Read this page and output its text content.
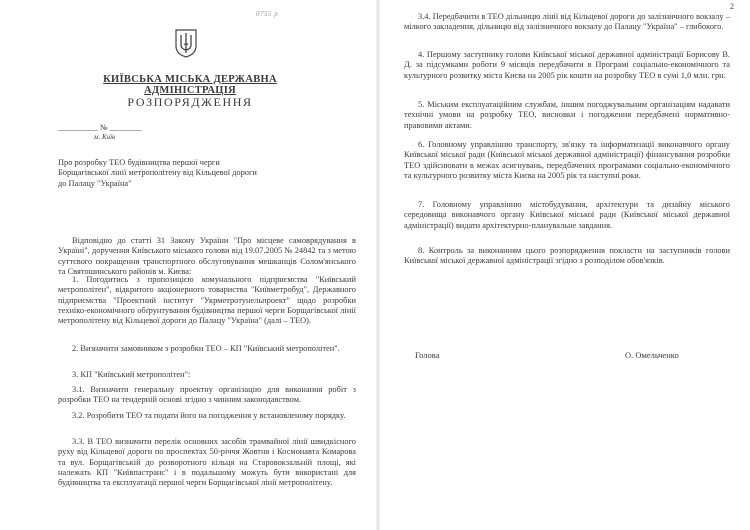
0755 р
КИЇВСЬКА МІСЬКА ДЕРЖАВНА АДМІНІСТРАЦІЯ
РОЗПОРЯДЖЕННЯ
__________ № ________
м. Київ

Про розробку ТЕО будівництва першої черги Борщагівської лінії метрополітену від Кільцевої дороги до Палацу "Україна"

Відповідно до статті 31 Закону України "Про місцеве самоврядування в Україні", доручення Київського міського голови від 19.07.2005 № 24842 та з метою суттєвого покращення транспортного обслуговування мешканців Солом'янського та Святошинського районів м. Києва:

1. Погодитись з пропозицією комунального підприємства "Київський метрополітен", відкритого акціонерного товариства "Київметробуд", Державного підприємства "Проектний інститут "Укрметротунельпроект" щодо розробки техніко-економічного обґрунтування будівництва першої черги Борщагівської лінії метрополітену від Кільцевої дороги до Палацу "Україна" (далі – ТЕО).

2. Визначити замовником з розробки ТЕО – КП "Київський метрополітен".

3. КП "Київський метрополітен":

3.1. Визначити генеральну проектну організацію для виконання робіт з розробки ТЕО на тендерній основі згідно з чинним законодавством.

3.2. Розробити ТЕО та подати його на погодження у встановленому порядку.

3.3. В ТЕО визначити перелік основних засобів трамвайної лінії швидкісного руху від Кільцевої дороги по проспектах 50-річчя Жовтня і Космонавта Комарова та вул. Борщагівській до розворотного кільця на Старовокзальній площі, які належать КП "Київпастранс" і в подальшому можуть бути використані для будівництва та експлуатації першої черги Борщагівської лінії метрополітену.

2

3.4. Передбачити в ТЕО дільницю лінії від Кільцевої дороги до залізничного вокзалу – мілкого закладення, дільницю від залізничного вокзалу до Палацу "Україна" – глибокого.

4. Першому заступнику голови Київської міської державної адміністрації Борисову В. Д. за підсумками роботи 9 місяців передбачити в Програмі соціально-економічного та культурного розвитку міста Києва на 2005 рік кошти на розробку ТЕО в сумі 1,0 млн. грн.

5. Міським експлуатаційним службам, іншим погоджувальним організаціям надавати технічні умови на розробку ТЕО, висновки і погодження передбачені нормативно-правовими актами.

6. Головному управлінню транспорту, зв'язку та інформатизації виконавчого органу Київської міської ради (Київської міської державної адміністрації) фінансування розробки ТЕО здійснювати в межах асигнувань, передбачених програмами соціально-економічного та культурного розвитку міста Києва на 2005 рік та наступні роки.

7. Головному управлінню містобудування, архітектури та дизайну міського середовища виконавчого органу Київської міської ради (Київської міської державної адміністрації) видати архітектурно-планувальне завдання.

8. Контроль за виконанням цього розпорядження покласти на заступників голови Київської міської державної адміністрації згідно з розподілом обов'язків.

Голова	О. Омельченко
